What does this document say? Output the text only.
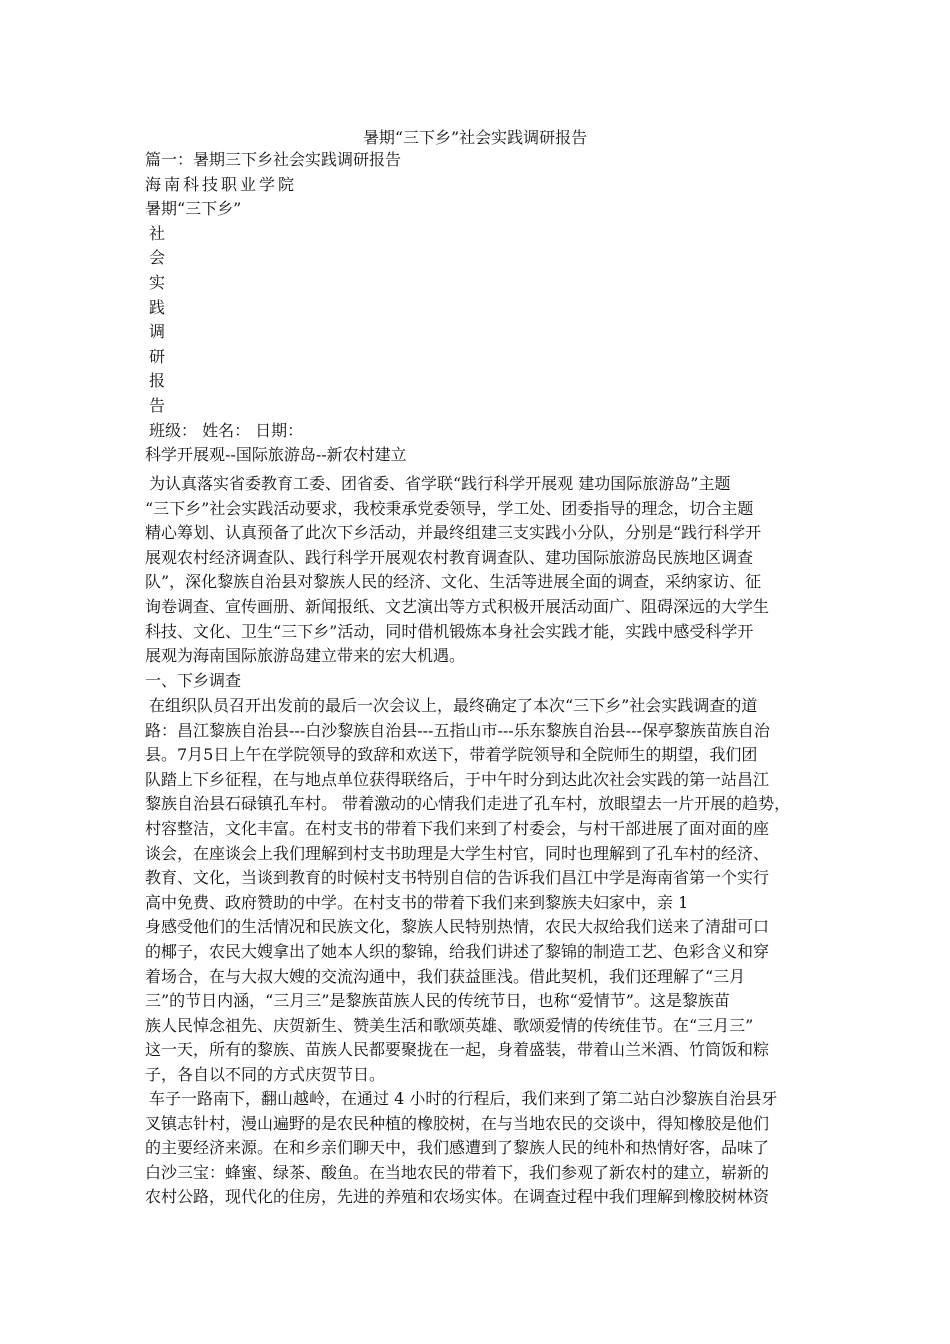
暑期“三下乡”社会实践调研报告
篇一：暑期三下乡社会实践调研报告
海南科技职业学院
暑期“三下乡”
社
会
实
践
调
研
报
告
班级： 姓名： 日期：
科学开展观--国际旅游岛--新农村建立
为认真落实省委教育工委、团省委、省学联“践行科学开展观 建功国际旅游岛”主题
“三下乡”社会实践活动要求，我校秉承党委领导，学工处、团委指导的理念，切合主题
精心筹划、认真预备了此次下乡活动，并最终组建三支实践小分队，分别是“践行科学开
展观农村经济调查队、践行科学开展观农村教育调查队、建功国际旅游岛民族地区调查
队”，深化黎族自治县对黎族人民的经济、文化、生活等进展全面的调查，采纳家访、征
询卷调查、宣传画册、新闻报纸、文艺演出等方式积极开展活动面广、阻碍深远的大学生
科技、文化、卫生“三下乡”活动，同时借机锻炼本身社会实践才能，实践中感受科学开
展观为海南国际旅游岛建立带来的宏大机遇。
一、下乡调查
在组织队员召开出发前的最后一次会议上，最终确定了本次“三下乡”社会实践调查的道
路：昌江黎族自治县---白沙黎族自治县---五指山市---乐东黎族自治县---保亭黎族苗族自治
县。7月5日上午在学院领导的致辞和欢送下，带着学院领导和全院师生的期望，我们团
队踏上下乡征程，在与地点单位获得联络后，于中午时分到达此次社会实践的第一站昌江
黎族自治县石碌镇孔车村。 带着激动的心情我们走进了孔车村，放眼望去一片开展的趋势，
村容整洁，文化丰富。在村支书的带着下我们来到了村委会，与村干部进展了面对面的座
谈会，在座谈会上我们理解到村支书助理是大学生村官，同时也理解到了孔车村的经济、
教育、文化，当谈到教育的时候村支书特别自信的告诉我们昌江中学是海南省第一个实行
高中免费、政府赞助的中学。在村支书的带着下我们来到黎族夫妇家中，亲 1
身感受他们的生活情况和民族文化，黎族人民特别热情，农民大叔给我们送来了清甜可口
的椰子，农民大嫂拿出了她本人织的黎锦，给我们讲述了黎锦的制造工艺、色彩含义和穿
着场合，在与大叔大嫂的交流沟通中，我们获益匪浅。借此契机，我们还理解了“三月
三”的节日内涵，“三月三”是黎族苗族人民的传统节日，也称“爱情节”。这是黎族苗
族人民悼念祖先、庆贺新生、赞美生活和歌颂英雄、歌颂爱情的传统佳节。在“三月三”
这一天，所有的黎族、苗族人民都要聚拢在一起，身着盛装，带着山兰米酒、竹筒饭和粽
子，各自以不同的方式庆贺节日。
车子一路南下，翻山越岭，在通过 4 小时的行程后，我们来到了第二站白沙黎族自治县牙
叉镇志针村，漫山遍野的是农民种植的橡胶树，在与当地农民的交谈中，得知橡胶是他们
的主要经济来源。在和乡亲们聊天中，我们感遭到了黎族人民的纯朴和热情好客，品味了
白沙三宝：蜂蜜、绿茶、酸鱼。在当地农民的带着下，我们参观了新农村的建立，崭新的
农村公路，现代化的住房，先进的养殖和农场实体。在调查过程中我们理解到橡胶树林资
